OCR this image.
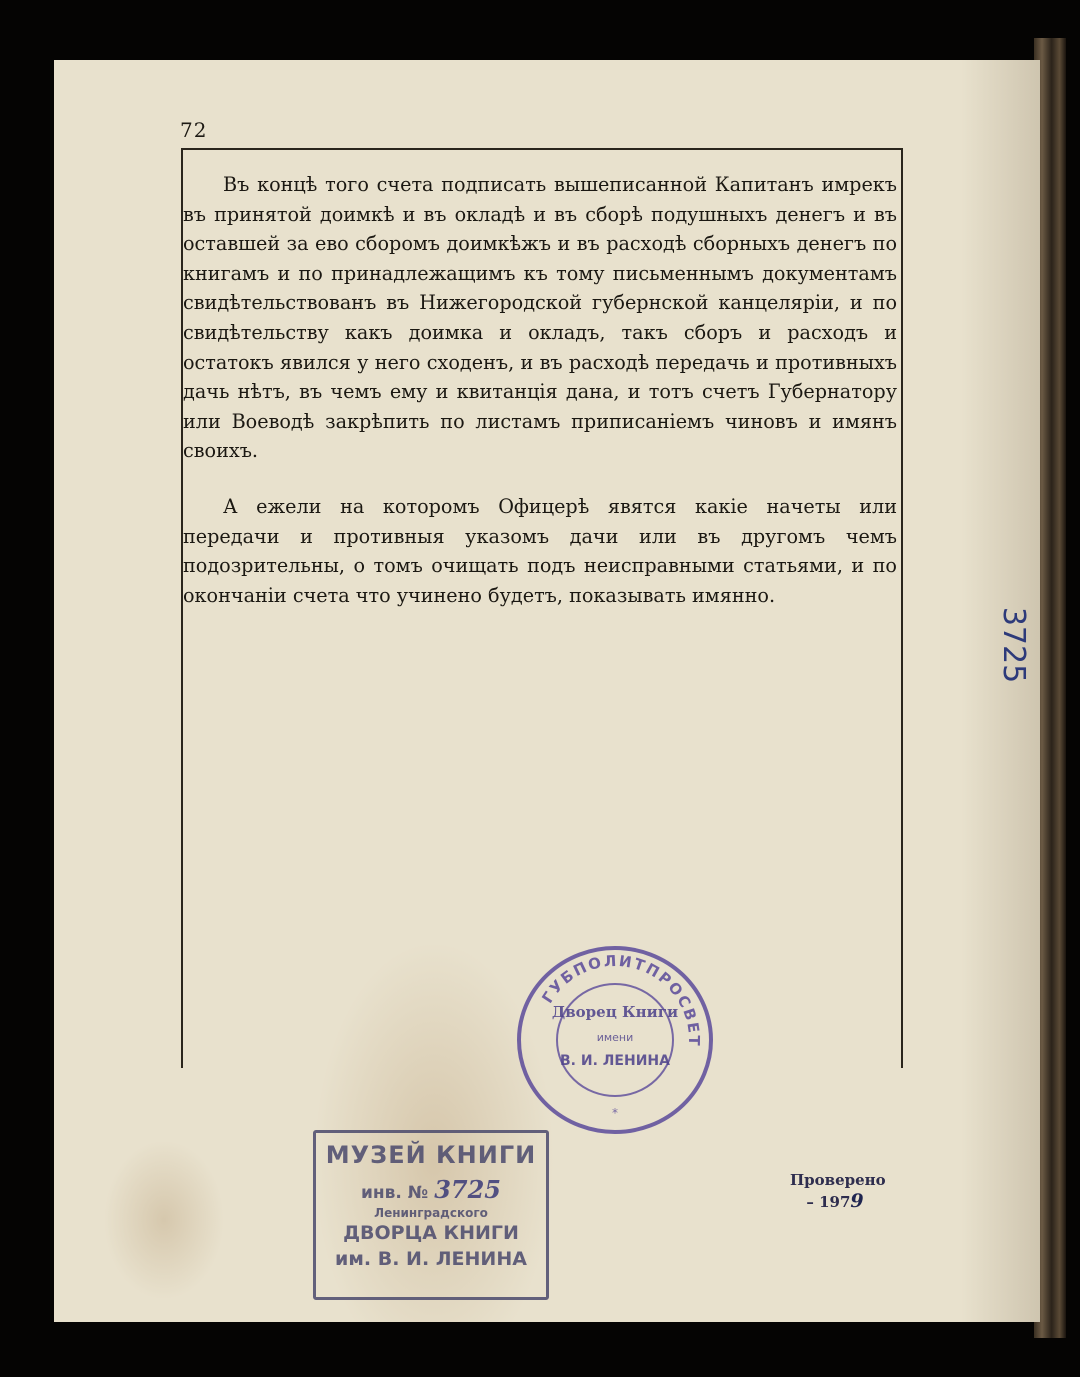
72

Въ концѣ того счета подписать вышеписанной Капитанъ имрекъ въ принятой доимкѣ и въ окладѣ и въ сборѣ подушныхъ денегъ и въ оставшей за ево сборомъ доимкѣжъ и въ расходѣ сборныхъ денегъ по книгамъ и по принадлежащимъ къ тому письменнымъ документамъ свидѣтельствованъ въ Нижегородской губернской канцелярiи, и по свидѣтельству какъ доимка и окладъ, такъ сборъ и расходъ и остатокъ явился у него сходенъ, и въ расходѣ передачь и противныхъ дачь нѣтъ, въ чемъ ему и квитанцiя дана, и тотъ счетъ Губернатору или Воеводѣ закрѣпить по листамъ приписанiемъ чиновъ и имянъ своихъ.

А ежели на которомъ Офицерѣ явятся какiе начеты или передачи и противныя указомъ дачи или въ другомъ чемъ подозрительны, о томъ очищать подъ неисправными статьями, и по окончанiи счета что учинено будетъ, показывать имянно.

3725
ГУБПОЛИТПРОСВЕТ
Дворец Книги
имени
В. И. ЛЕНИНА
*
МУЗЕЙ КНИГИ
инв. № 3725
Ленинградского
ДВОРЦА КНИГИ
им. В. И. ЛЕНИНА
Проверено
– 1979
